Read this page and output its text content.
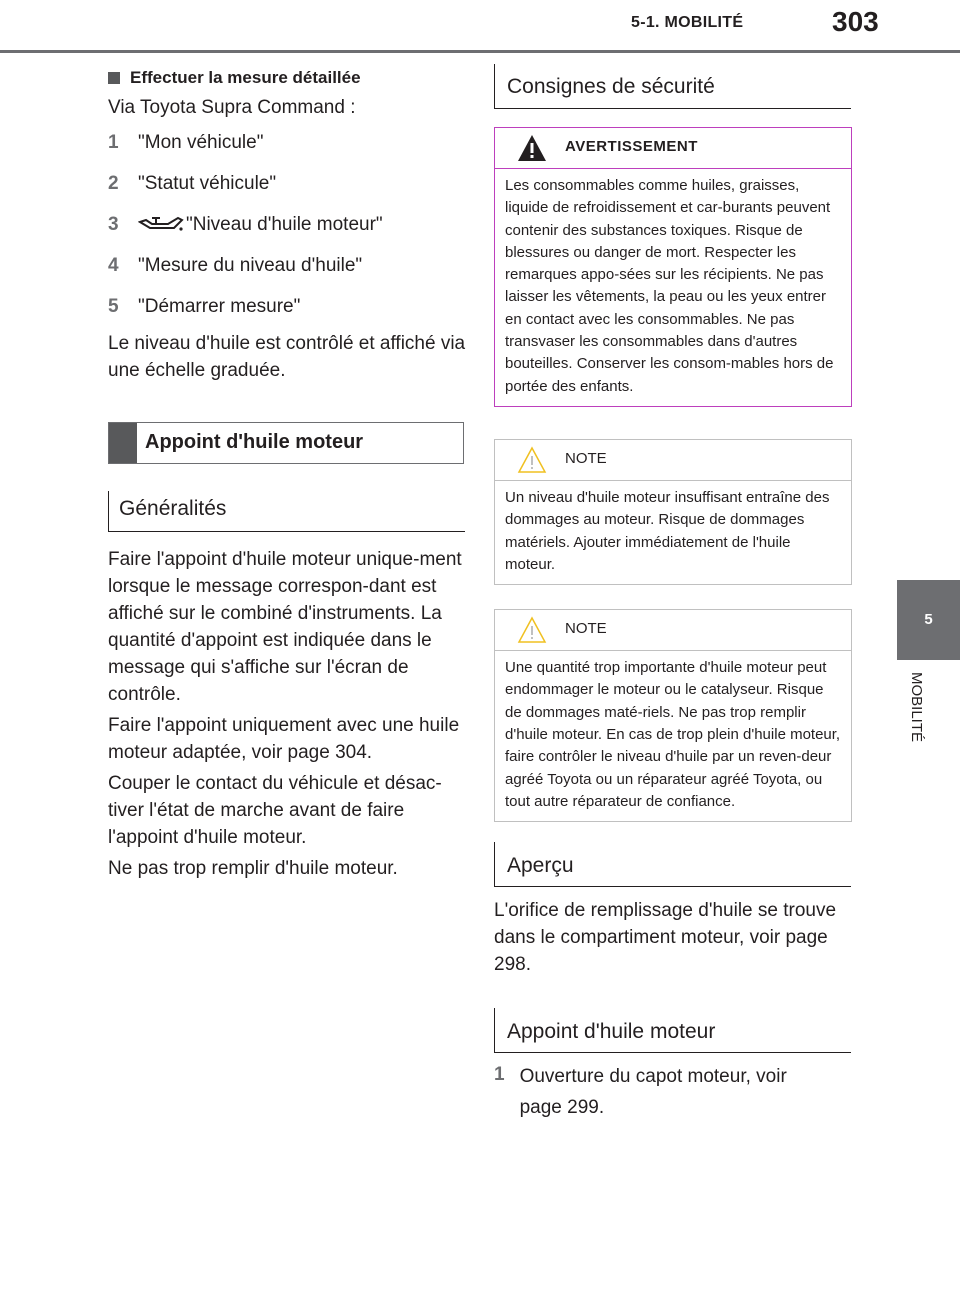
5-1. MOBILITÉ	303
5
MOBILITÉ
Effectuer la mesure détaillée

Via Toyota Supra Command :

1	"Mon véhicule"
2	"Statut véhicule"
3	"Niveau d'huile moteur"
4	"Mesure du niveau d'huile"
5	"Démarrer mesure"

Le niveau d'huile est contrôlé et affiché via une échelle graduée.

Appoint d'huile moteur
Généralités

Faire l'appoint d'huile moteur unique-ment lorsque le message correspon-dant est affiché sur le combiné d'instruments. La quantité d'appoint est indiquée dans le message qui s'affiche sur l'écran de contrôle.

Faire l'appoint uniquement avec une huile moteur adaptée, voir page 304.

Couper le contact du véhicule et désac-tiver l'état de marche avant de faire l'appoint d'huile moteur.

Ne pas trop remplir d'huile moteur.

Consignes de sécurité
AVERTISSEMENT
Les consommables comme huiles, graisses, liquide de refroidissement et car-burants peuvent contenir des substances toxiques. Risque de blessures ou danger de mort. Respecter les remarques appo-sées sur les récipients. Ne pas laisser les vêtements, la peau ou les yeux entrer en contact avec les consommables. Ne pas transvaser les consommables dans d'autres bouteilles. Conserver les consom-mables hors de portée des enfants.
NOTE
Un niveau d'huile moteur insuffisant entraîne des dommages au moteur. Risque de dommages matériels. Ajouter immédiatement de l'huile moteur.
NOTE
Une quantité trop importante d'huile moteur peut endommager le moteur ou le catalyseur. Risque de dommages maté-riels. Ne pas trop remplir d'huile moteur. En cas de trop plein d'huile moteur, faire contrôler le niveau d'huile par un reven-deur agréé Toyota ou un réparateur agréé Toyota, ou tout autre réparateur de confiance.
Aperçu

L'orifice de remplissage d'huile se trouve dans le compartiment moteur, voir page 298.

Appoint d'huile moteur
1 Ouverture du capot moteur, voir page 299.
